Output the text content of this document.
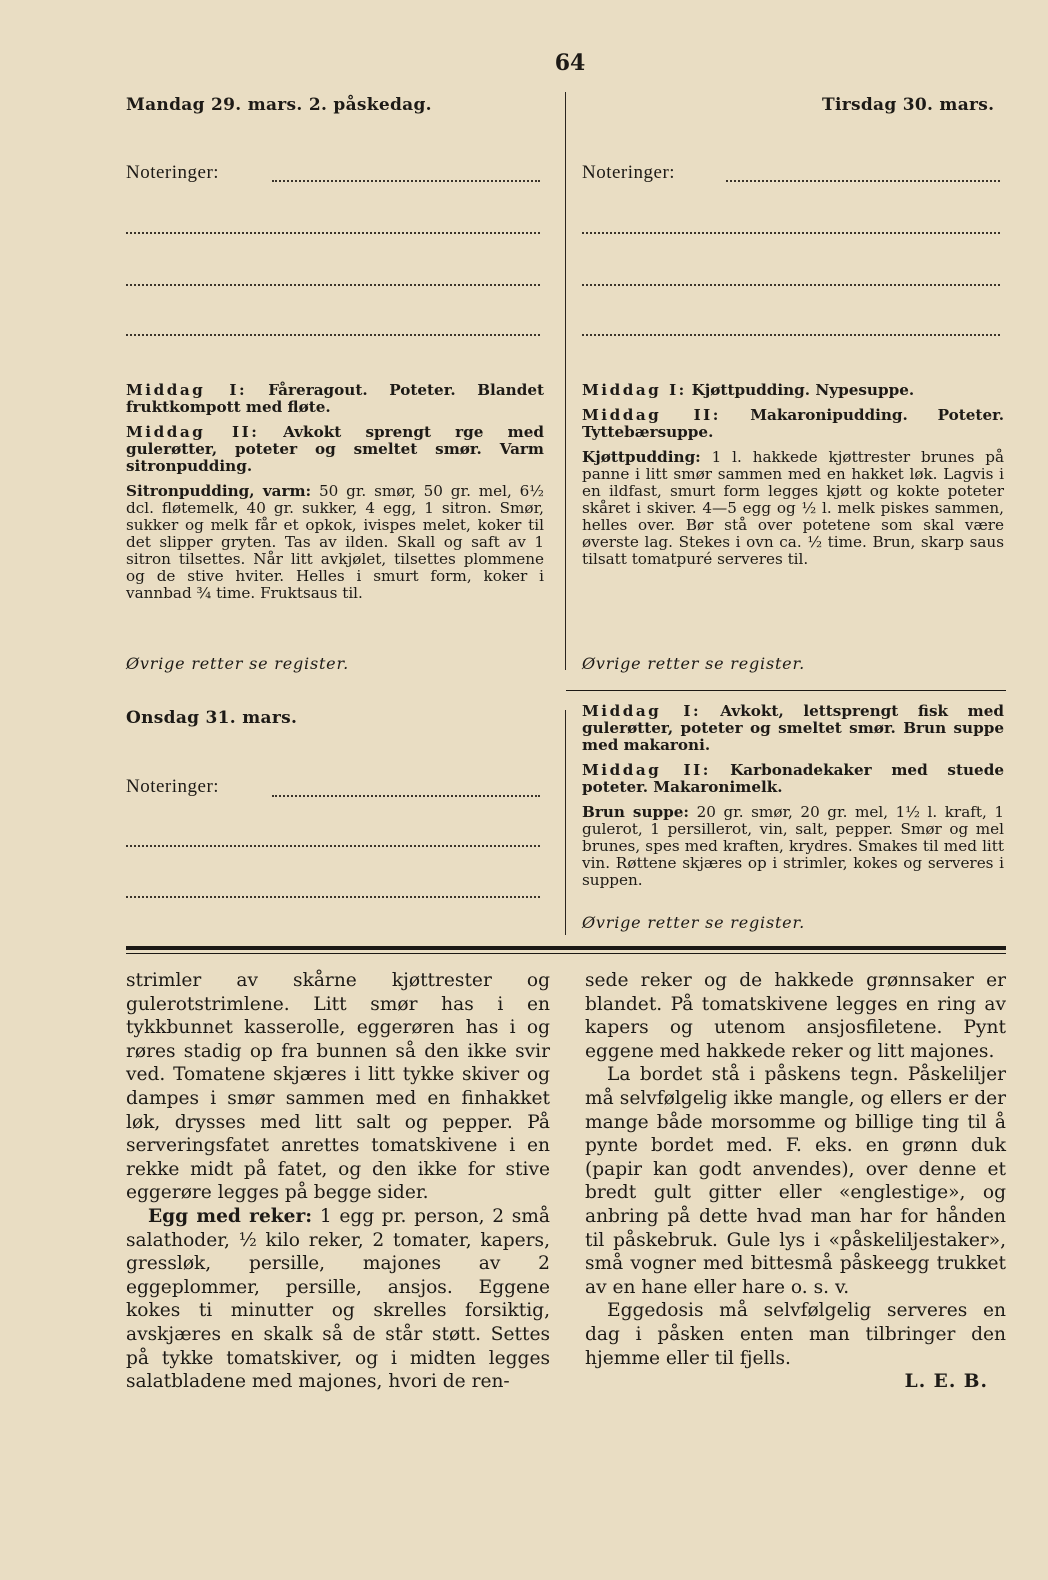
64
Mandag 29. mars. 2. påskedag.
Noteringer:

Middag I: Fåreragout. Poteter. Blandet fruktkompott med fløte.

Middag II: Avkokt sprengt rge med gulerøtter, poteter og smeltet smør. Varm sitronpudding.

Sitronpudding, varm: 50 gr. smør, 50 gr. mel, 6½ dcl. fløtemelk, 40 gr. sukker, 4 egg, 1 sitron. Smør, sukker og melk får et opkok, ivispes melet, koker til det slipper gryten. Tas av ilden. Skall og saft av 1 sitron tilsettes. Når litt avkjølet, tilsettes plommene og de stive hviter. Helles i smurt form, koker i vannbad ¾ time. Fruktsaus til.

Øvrige retter se register.
Tirsdag 30. mars.
Noteringer:

Middag I: Kjøttpudding. Nypesuppe.

Middag II: Makaronipudding. Poteter. Tyttebærsuppe.

Kjøttpudding: 1 l. hakkede kjøttrester brunes på panne i litt smør sammen med en hakket løk. Lagvis i en ildfast, smurt form legges kjøtt og kokte poteter skåret i skiver. 4—5 egg og ½ l. melk piskes sammen, helles over. Bør stå over potetene som skal være øverste lag. Stekes i ovn ca. ½ time. Brun, skarp saus tilsatt tomatpuré serveres til.

Øvrige retter se register.
Onsdag 31. mars.
Noteringer:

Middag I: Avkokt, lettsprengt fisk med gulerøtter, poteter og smeltet smør. Brun suppe med makaroni.

Middag II: Karbonadekaker med stuede poteter. Makaronimelk.

Brun suppe: 20 gr. smør, 20 gr. mel, 1½ l. kraft, 1 gulerot, 1 persillerot, vin, salt, pepper. Smør og mel brunes, spes med kraften, krydres. Smakes til med litt vin. Røttene skjæres op i strimler, kokes og serveres i suppen.

Øvrige retter se register.

strimler av skårne kjøttrester og gulerotstrimlene. Litt smør has i en tykkbunnet kasserolle, eggerøren has i og røres stadig op fra bunnen så den ikke svir ved. Tomatene skjæres i litt tykke skiver og dampes i smør sammen med en finhakket løk, drysses med litt salt og pepper. På serveringsfatet anrettes tomatskivene i en rekke midt på fatet, og den ikke for stive eggerøre legges på begge sider.

Egg med reker: 1 egg pr. person, 2 små salathoder, ½ kilo reker, 2 tomater, kapers, gressløk, persille, majones av 2 eggeplommer, persille, ansjos. Eggene kokes ti minutter og skrelles forsiktig, avskjæres en skalk så de står støtt. Settes på tykke tomatskiver, og i midten legges salatbladene med majones, hvori de ren-

sede reker og de hakkede grønnsaker er blandet. På tomatskivene legges en ring av kapers og utenom ansjosfiletene. Pynt eggene med hakkede reker og litt majones.

La bordet stå i påskens tegn. Påskeliljer må selvfølgelig ikke mangle, og ellers er der mange både morsomme og billige ting til å pynte bordet med. F. eks. en grønn duk (papir kan godt anvendes), over denne et bredt gult gitter eller «englestige», og anbring på dette hvad man har for hånden til påskebruk. Gule lys i «påskeliljestaker», små vogner med bittesmå påskeegg trukket av en hane eller hare o. s. v.

Eggedosis må selvfølgelig serveres en dag i påsken enten man tilbringer den hjemme eller til fjells.

L. E. B.
